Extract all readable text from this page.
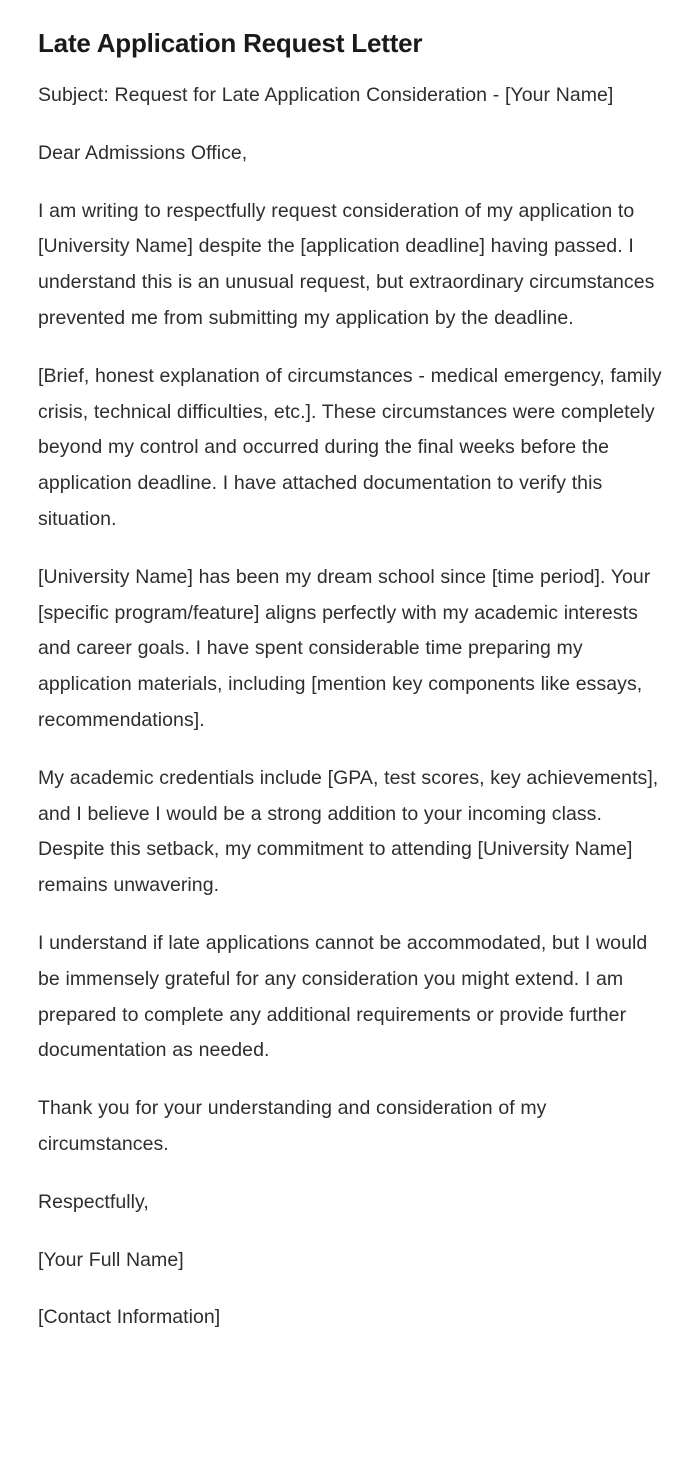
Late Application Request Letter

Subject: Request for Late Application Consideration - [Your Name]

Dear Admissions Office,

I am writing to respectfully request consideration of my application to [University Name] despite the [application deadline] having passed. I understand this is an unusual request, but extraordinary circumstances prevented me from submitting my application by the deadline.

[Brief, honest explanation of circumstances - medical emergency, family crisis, technical difficulties, etc.]. These circumstances were completely beyond my control and occurred during the final weeks before the application deadline. I have attached documentation to verify this situation.

[University Name] has been my dream school since [time period]. Your [specific program/feature] aligns perfectly with my academic interests and career goals. I have spent considerable time preparing my application materials, including [mention key components like essays, recommendations].

My academic credentials include [GPA, test scores, key achievements], and I believe I would be a strong addition to your incoming class. Despite this setback, my commitment to attending [University Name] remains unwavering.

I understand if late applications cannot be accommodated, but I would be immensely grateful for any consideration you might extend. I am prepared to complete any additional requirements or provide further documentation as needed.

Thank you for your understanding and consideration of my circumstances.

Respectfully,

[Your Full Name]

[Contact Information]
